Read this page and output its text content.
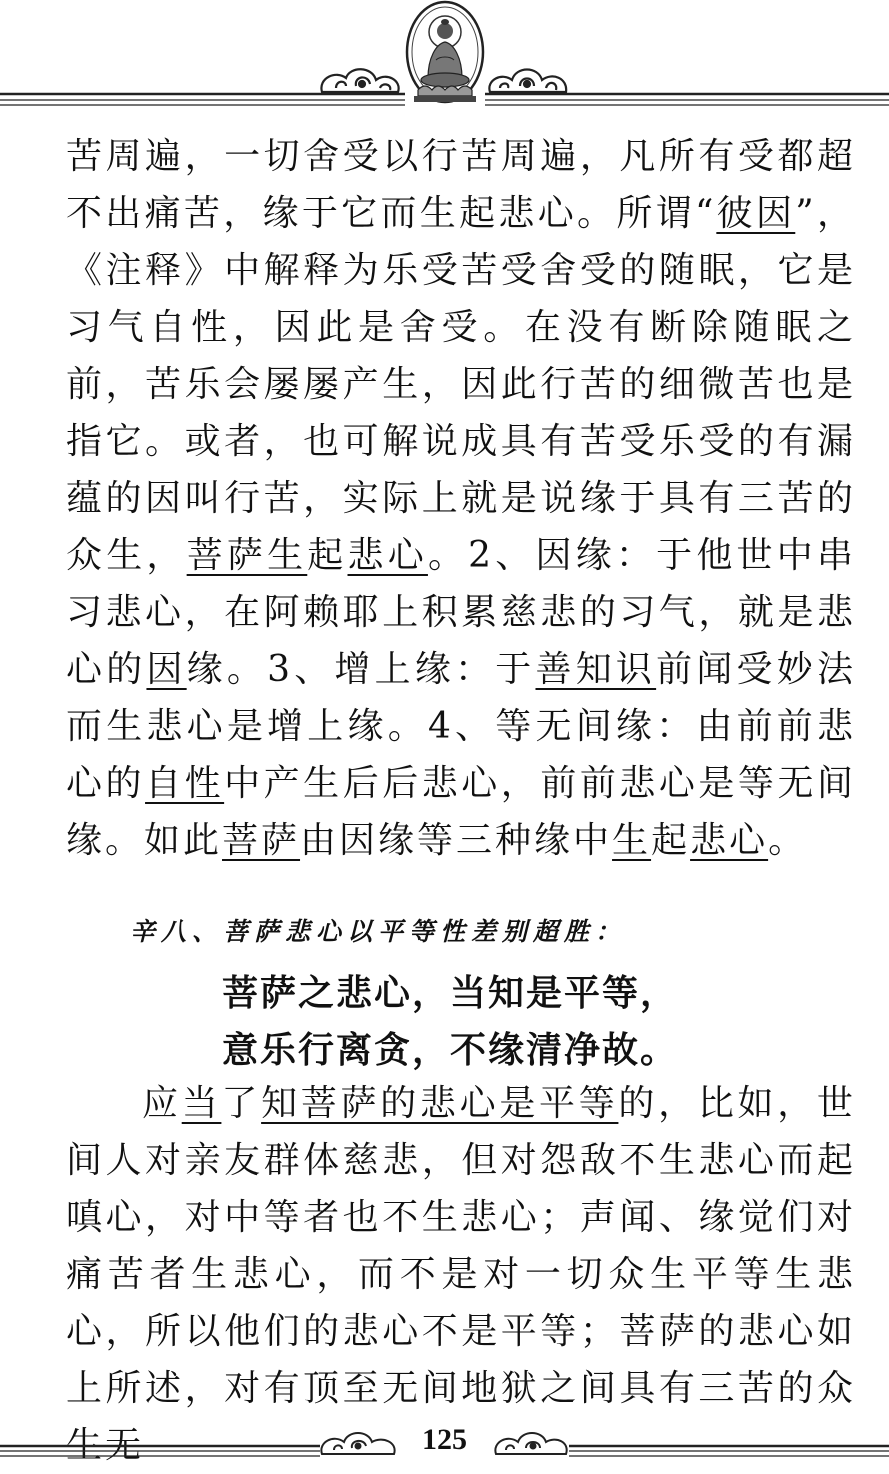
苦周遍，一切舍受以行苦周遍，凡所有受都超不出痛苦，缘于它而生起悲心。所谓“彼因”，《注释》中解释为乐受苦受舍受的随眠，它是习气自性，因此是舍受。在没有断除随眠之前，苦乐会屡屡产生，因此行苦的细微苦也是指它。或者，也可解说成具有苦受乐受的有漏蕴的因叫行苦，实际上就是说缘于具有三苦的众生，菩萨生起悲心。2、因缘：于他世中串习悲心，在阿赖耶上积累慈悲的习气，就是悲心的因缘。3、增上缘：于善知识前闻受妙法而生悲心是增上缘。4、等无间缘：由前前悲心的自性中产生后后悲心，前前悲心是等无间缘。如此菩萨由因缘等三种缘中生起悲心。

辛八、菩萨悲心以平等性差别超胜：

菩萨之悲心，当知是平等，

意乐行离贪，不缘清净故。

应当了知菩萨的悲心是平等的，比如，世间人对亲友群体慈悲，但对怨敌不生悲心而起嗔心，对中等者也不生悲心；声闻、缘觉们对痛苦者生悲心，而不是对一切众生平等生悲心，所以他们的悲心不是平等；菩萨的悲心如上所述，对有顶至无间地狱之间具有三苦的众生无	125
